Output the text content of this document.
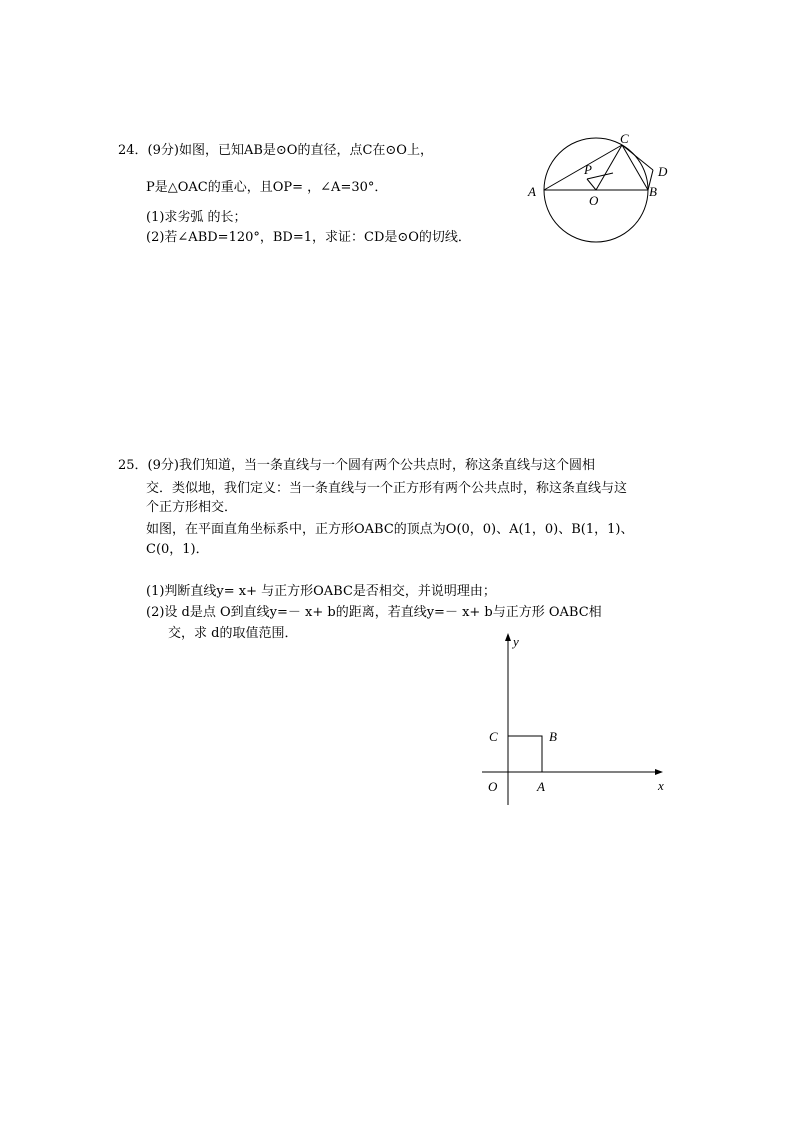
24．(9分)如图，已知AB是⊙O的直径，点C在⊙O上，
P是△OAC的重心，且OP= ，∠A=30°．
(1)求劣弧 的长；
(2)若∠ABD=120°，BD=1，求证：CD是⊙O的切线．
A	B
C
D
O
P
25．(9分)我们知道，当一条直线与一个圆有两个公共点时，称这条直线与这个圆相
交．类似地，我们定义：当一条直线与一个正方形有两个公共点时，称这条直线与这
个正方形相交．
如图，在平面直角坐标系中，正方形OABC的顶点为O(0，0)、A(1，0)、B(1，1)、
C(0，1)．
(1)判断直线y= x+ 与正方形OABC是否相交，并说明理由；
(2)设 d是点 O到直线y=－ x+ b的距离，若直线y=－ x+ b与正方形 OABC相
交，求 d的取值范围．
y
x
O	A
B
C
